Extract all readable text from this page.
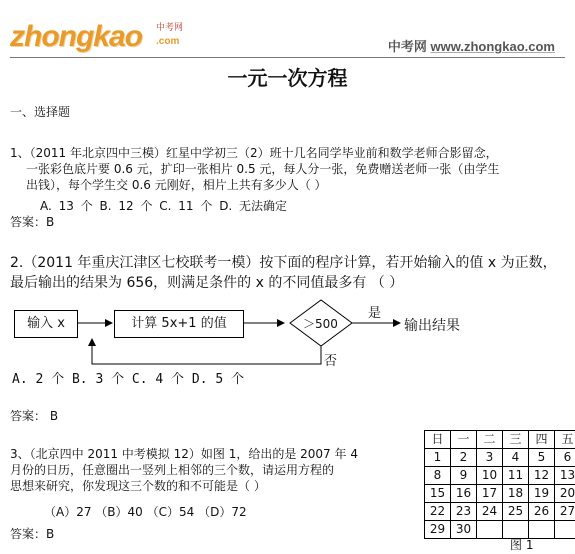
zhongkao 中考网
.com	中考网 www.zhongkao.com
一元一次方程
一、选择题
1、（2011 年北京四中三模）红星中学初三（2）班十几名同学毕业前和数学老师合影留念，
一张彩色底片要 0.6 元，扩印一张相片 0.5 元，每人分一张，免费赠送老师一张（由学生
出钱），每个学生交 0.6 元刚好，相片上共有多少人（ ）
A. 13 个 B. 12 个 C. 11 个 D. 无法确定
答案：B
2.（2011 年重庆江津区七校联考一模）按下面的程序计算，若开始输入的值 x 为正数，
最后输出的结果为 656，则满足条件的 x 的不同值最多有 （ ）
输入 x	计算 5x+1 的值	＞500
是
否
输出结果
A. 2 个 B. 3 个 C. 4 个 D. 5 个
答案： B
3、（北京四中 2011 中考模拟 12）如图 1，给出的是 2007 年 4
月份的日历，任意圈出一竖列上相邻的三个数，请运用方程的
思想来研究，你发现这三个数的和不可能是（ ）
（A）27 （B）40 （C）54 （D）72
答案：B
日	一	二	三	四	五
1	2	3	4	5	6
8	9	10	11	12	13
15	16	17	18	19	20
22	23	24	25	26	27
29	30				
图 1
